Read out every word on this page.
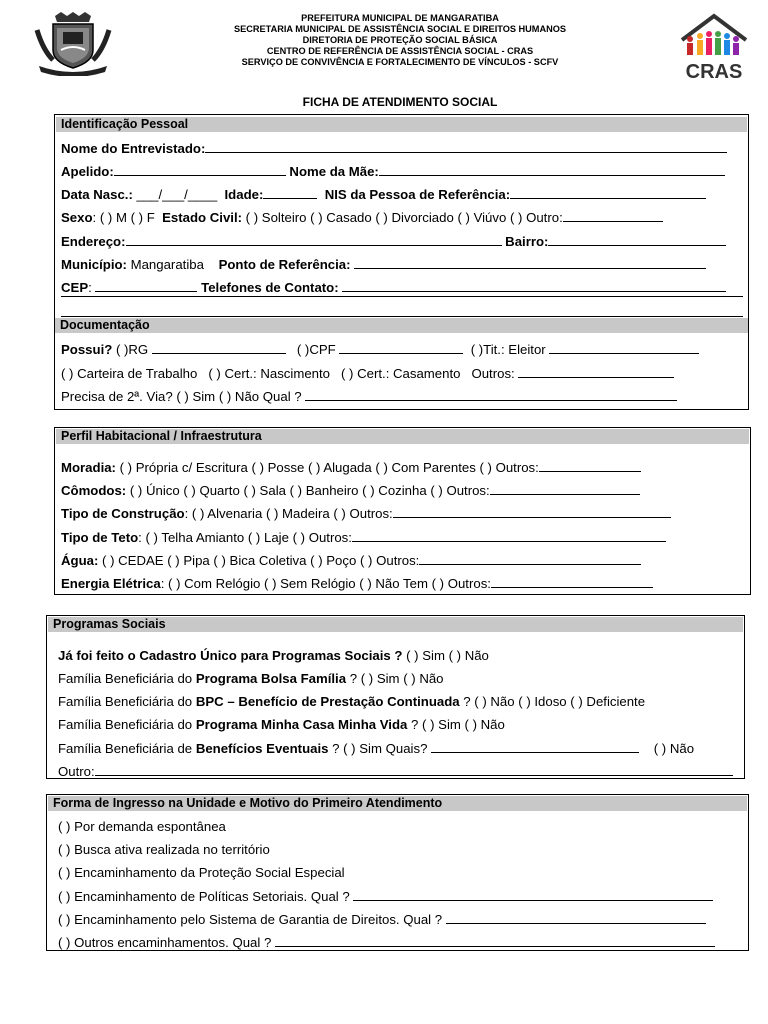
PREFEITURA MUNICIPAL DE MANGARATIBA
SECRETARIA MUNICIPAL DE ASSISTÊNCIA SOCIAL E DIREITOS HUMANOS
DIRETORIA DE PROTEÇÃO SOCIAL BÁSICA
CENTRO DE REFERÊNCIA DE ASSISTÊNCIA SOCIAL - CRAS
SERVIÇO DE CONVIVÊNCIA E FORTALECIMENTO DE VÍNCULOS - SCFV	CRAS
FICHA DE ATENDIMENTO SOCIAL
Identificação Pessoal
Nome do Entrevistado:
Apelido:	Nome da Mãe:
Data Nasc.: ___/___/____ Idade:	NIS da Pessoa de Referência:
Sexo: ( ) M ( ) F Estado Civil: ( ) Solteiro ( ) Casado ( ) Divorciado ( ) Viúvo ( ) Outro:
Endereço:	Bairro:
Município: Mangaratiba Ponto de Referência:
CEP:	Telefones de Contato:
Documentação
Possui? ( )RG	( )CPF	( )Tit.: Eleitor
( ) Carteira de Trabalho ( ) Cert.: Nascimento ( ) Cert.: Casamento Outros:
Precisa de 2ª. Via? ( ) Sim ( ) Não Qual ?
Perfil Habitacional / Infraestrutura
Moradia: ( ) Própria c/ Escritura ( ) Posse ( ) Alugada ( ) Com Parentes ( ) Outros:
Cômodos: ( ) Único ( ) Quarto ( ) Sala ( ) Banheiro ( ) Cozinha ( ) Outros:
Tipo de Construção: ( ) Alvenaria ( ) Madeira ( ) Outros:
Tipo de Teto: ( ) Telha Amianto ( ) Laje ( ) Outros:
Água: ( ) CEDAE ( ) Pipa ( ) Bica Coletiva ( ) Poço ( ) Outros:
Energia Elétrica: ( ) Com Relógio ( ) Sem Relógio ( ) Não Tem ( ) Outros:
Programas Sociais
Já foi feito o Cadastro Único para Programas Sociais ? ( ) Sim ( ) Não
Família Beneficiária do Programa Bolsa Família ? ( ) Sim ( ) Não
Família Beneficiária do BPC – Benefício de Prestação Continuada ? ( ) Não ( ) Idoso ( ) Deficiente
Família Beneficiária do Programa Minha Casa Minha Vida ? ( ) Sim ( ) Não
Família Beneficiária de Benefícios Eventuais ? ( ) Sim Quais?	( ) Não
Outro:
Forma de Ingresso na Unidade e Motivo do Primeiro Atendimento
( ) Por demanda espontânea
( ) Busca ativa realizada no território
( ) Encaminhamento da Proteção Social Especial
( ) Encaminhamento de Políticas Setoriais. Qual ?
( ) Encaminhamento pelo Sistema de Garantia de Direitos. Qual ?
( ) Outros encaminhamentos. Qual ?
